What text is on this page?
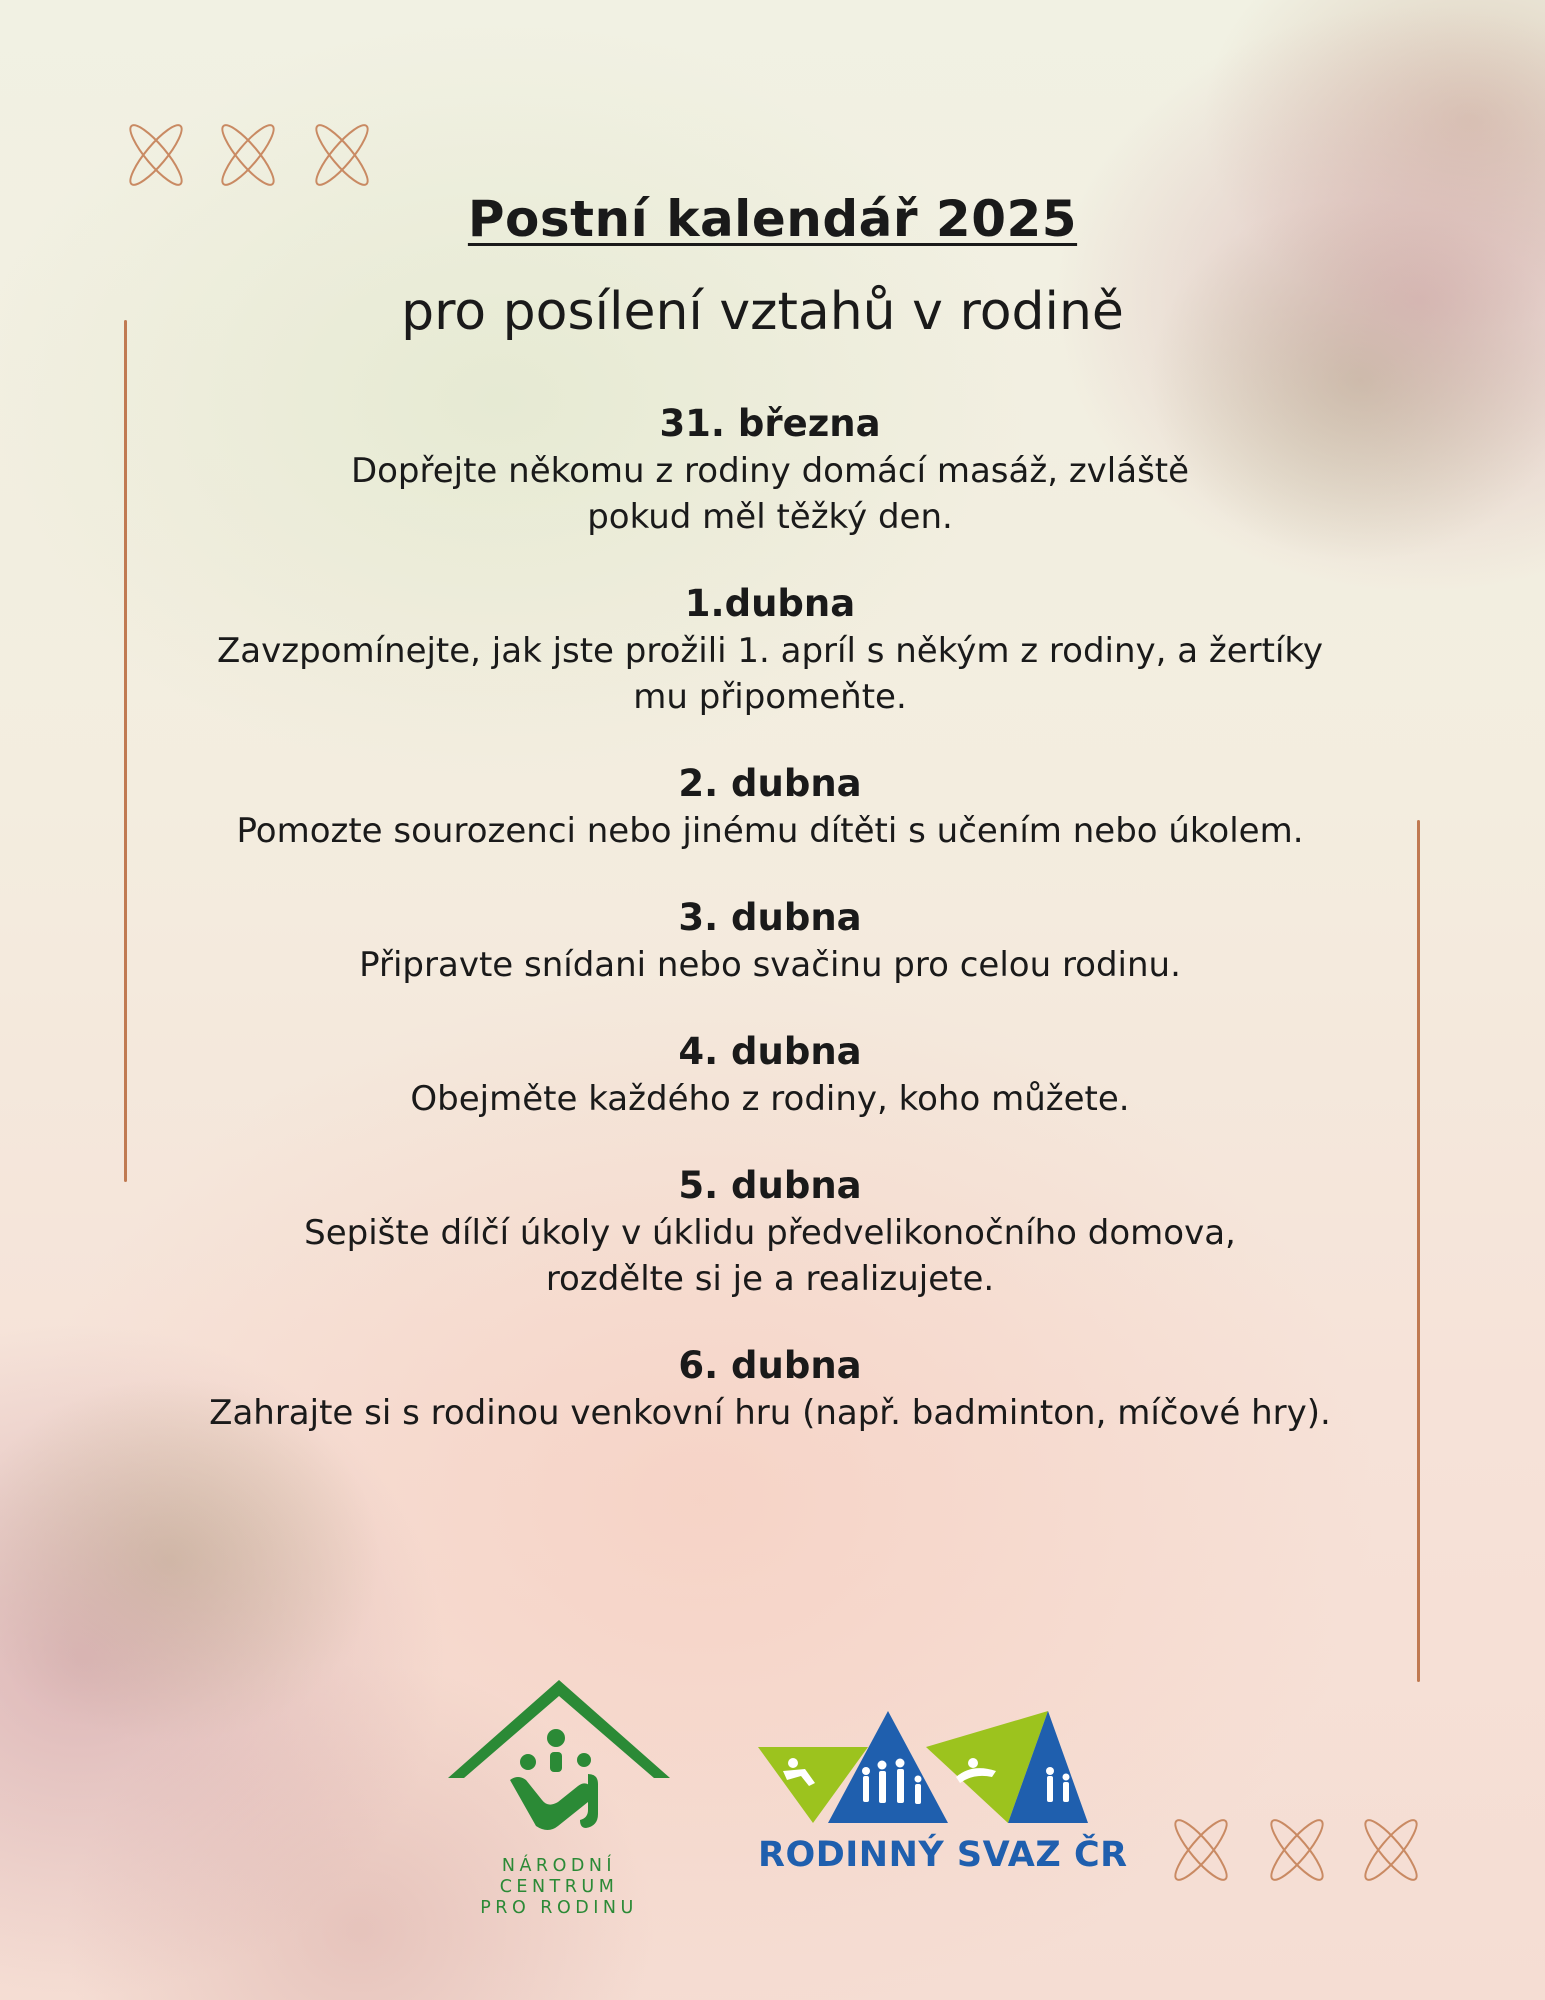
Postní kalendář 2025
pro posílení vztahů v rodině
31. března
Dopřejte někomu z rodiny domácí masáž, zvláště pokud měl těžký den.
1.dubna
Zavzpomínejte, jak jste prožili 1. apríl s někým z rodiny, a žertíky mu připomeňte.
2. dubna
Pomozte sourozenci nebo jinému dítěti s učením nebo úkolem.
3. dubna
Připravte snídani nebo svačinu pro celou rodinu.
4. dubna
Obejměte každého z rodiny, koho můžete.
5. dubna
Sepište dílčí úkoly v úklidu předvelikonočního domova, rozdělte si je a realizujete.
6. dubna
Zahrajte si s rodinou venkovní hru (např. badminton, míčové hry).
NÁRODNÍ
CENTRUM
PRO RODINU
RODINNÝ SVAZ ČR
